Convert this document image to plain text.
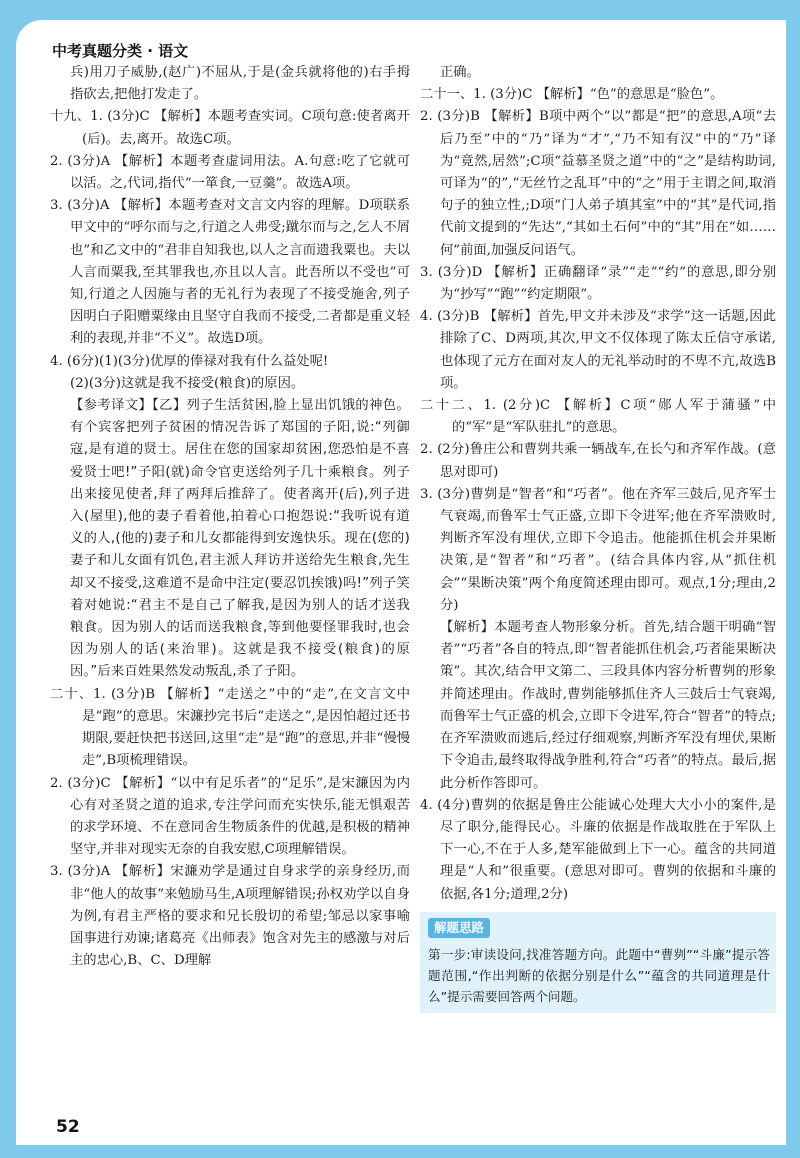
中考真题分类 · 语文

兵)用刀子威胁,(赵广)不屈从,于是(金兵就将他的)右手拇指砍去,把他打发走了。

十九、1. (3分)C 【解析】本题考查实词。C项句意:使者离开(后)。去,离开。故选C项。

2. (3分)A 【解析】本题考查虚词用法。A.句意:吃了它就可以活。之,代词,指代“一箪食,一豆羹”。故选A项。

3. (3分)A 【解析】本题考查对文言文内容的理解。D项联系甲文中的“呼尔而与之,行道之人弗受;蹴尔而与之,乞人不屑也”和乙文中的“君非自知我也,以人之言而遗我粟也。夫以人言而粟我,至其罪我也,亦且以人言。此吾所以不受也”可知,行道之人因施与者的无礼行为表现了不接受施舍,列子因明白子阳赠粟缘由且坚守自我而不接受,二者都是重义轻利的表现,并非“不义”。故选D项。

4. (6分)(1)(3分)优厚的俸禄对我有什么益处呢!

(2)(3分)这就是我不接受(粮食)的原因。

【参考译文】【乙】列子生活贫困,脸上显出饥饿的神色。有个宾客把列子贫困的情况告诉了郑国的子阳,说:“列御寇,是有道的贤士。居住在您的国家却贫困,您恐怕是不喜爱贤士吧!”子阳(就)命令官吏送给列子几十乘粮食。列子出来接见使者,拜了两拜后推辞了。使者离开(后),列子进入(屋里),他的妻子看着他,拍着心口抱怨说:“我听说有道义的人,(他的)妻子和儿女都能得到安逸快乐。现在(您的)妻子和儿女面有饥色,君主派人拜访并送给先生粮食,先生却又不接受,这难道不是命中注定(要忍饥挨饿)吗!”列子笑着对她说:“君主不是自己了解我,是因为别人的话才送我粮食。因为别人的话而送我粮食,等到他要怪罪我时,也会因为别人的话(来治罪)。这就是我不接受(粮食)的原因。”后来百姓果然发动叛乱,杀了子阳。

二十、1. (3分)B 【解析】“走送之”中的“走”,在文言文中是“跑”的意思。宋濂抄完书后“走送之”,是因怕超过还书期限,要赶快把书送回,这里“走”是“跑”的意思,并非“慢慢走”,B项梳理错误。

2. (3分)C 【解析】“以中有足乐者”的“足乐”,是宋濂因为内心有对圣贤之道的追求,专注学问而充实快乐,能无惧艰苦的求学环境、不在意同舍生物质条件的优越,是积极的精神坚守,并非对现实无奈的自我安慰,C项理解错误。

3. (3分)A 【解析】宋濂劝学是通过自身求学的亲身经历,而非“他人的故事”来勉励马生,A项理解错误;孙权劝学以自身为例,有君主严格的要求和兄长殷切的希望;邹忌以家事喻国事进行劝谏;诸葛亮《出师表》饱含对先主的感激与对后主的忠心,B、C、D理解

正确。

二十一、1. (3分)C 【解析】“色”的意思是“脸色”。

2. (3分)B 【解析】B项中两个“以”都是“把”的意思,A项“去后乃至”中的“乃”译为“才”,“乃不知有汉”中的“乃”译为“竟然,居然”;C项“益慕圣贤之道”中的“之”是结构助词,可译为“的”,“无丝竹之乱耳”中的“之”用于主谓之间,取消句子的独立性,;D项“门人弟子填其室”中的“其”是代词,指代前文提到的“先达”,“其如土石何”中的“其”用在“如……何”前面,加强反问语气。

3. (3分)D 【解析】正确翻译“录”“走”“约”的意思,即分别为“抄写”“跑”“约定期限”。

4. (3分)B 【解析】首先,甲文并未涉及“求学”这一话题,因此排除了C、D两项,其次,甲文不仅体现了陈太丘信守承诺,也体现了元方在面对友人的无礼举动时的不卑不亢,故选B项。

二十二、1. (2分)C 【解析】C项“郧人军于蒲骚”中的“军”是“军队驻扎”的意思。

2. (2分)鲁庄公和曹刿共乘一辆战车,在长勺和齐军作战。(意思对即可)

3. (3分)曹刿是“智者”和“巧者”。他在齐军三鼓后,见齐军士气衰竭,而鲁军士气正盛,立即下令进军;他在齐军溃败时,判断齐军没有埋伏,立即下令追击。他能抓住机会并果断决策,是“智者”和“巧者”。(结合具体内容,从“抓住机会”“果断决策”两个角度简述理由即可。观点,1分;理由,2分)

【解析】本题考查人物形象分析。首先,结合题干明确“智者”“巧者”各自的特点,即“智者能抓住机会,巧者能果断决策”。其次,结合甲文第二、三段具体内容分析曹刿的形象并简述理由。作战时,曹刿能够抓住齐人三鼓后士气衰竭,而鲁军士气正盛的机会,立即下令进军,符合“智者”的特点;在齐军溃败而逃后,经过仔细观察,判断齐军没有埋伏,果断下令追击,最终取得战争胜利,符合“巧者”的特点。最后,据此分析作答即可。

4. (4分)曹刿的依据是鲁庄公能诚心处理大大小小的案件,是尽了职分,能得民心。斗廉的依据是作战取胜在于军队上下一心,不在于人多,楚军能做到上下一心。蕴含的共同道理是“人和”很重要。(意思对即可。曹刿的依据和斗廉的依据,各1分;道理,2分)

解题思路

第一步:审读设问,找准答题方向。此题中“曹刿”“斗廉”提示答题范围,“作出判断的依据分别是什么”“蕴含的共同道理是什么”提示需要回答两个问题。

52
